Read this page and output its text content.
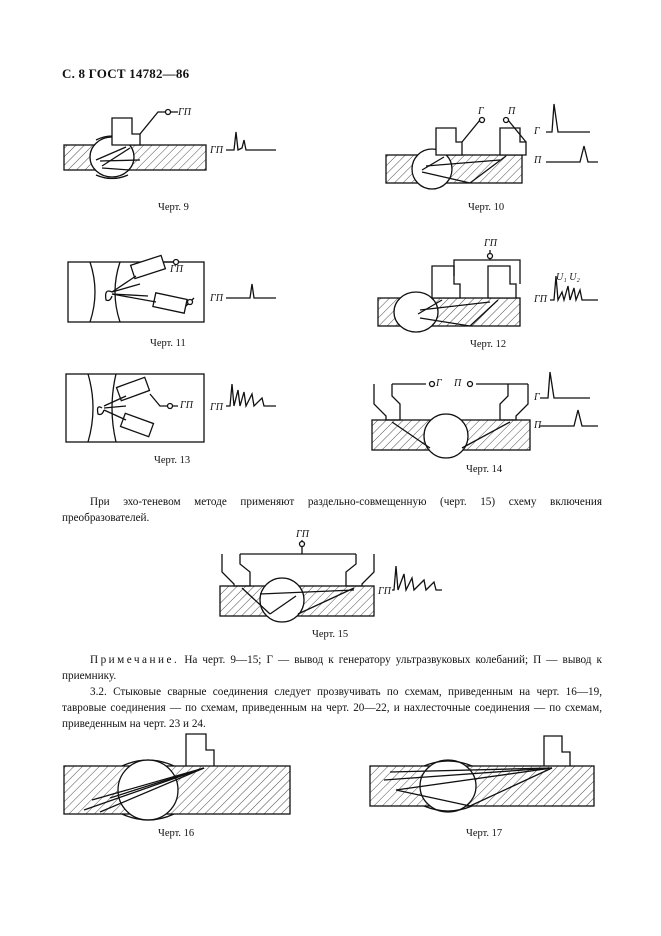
С. 8 ГОСТ 14782—86

При эхо-теневом методе применяют раздельно-совмещенную (черт. 15) схему включения преобразователей.

Примечание. На черт. 9—15; Г — вывод к генератору ультразвуковых колебаний; П — вывод к приемнику.

3.2. Стыковые сварные соединения следует прозвучивать по схемам, приведенным на черт. 16—19, тавровые соединения — по схемам, приведенным на черт. 20—22, и нахлесточные соединения — по схемам, приведенным на черт. 23 и 24.

ГП
ГП
Г П
Г
П
ГП
ГП
ГП
U₁ U₂
ГП
ГП ГП
Г П
Г
П
ГП
ГП
Черт. 9	Черт. 10
Черт. 11	Черт. 12
Черт. 13
Черт. 14
Черт. 15
Черт. 16	Черт. 17
